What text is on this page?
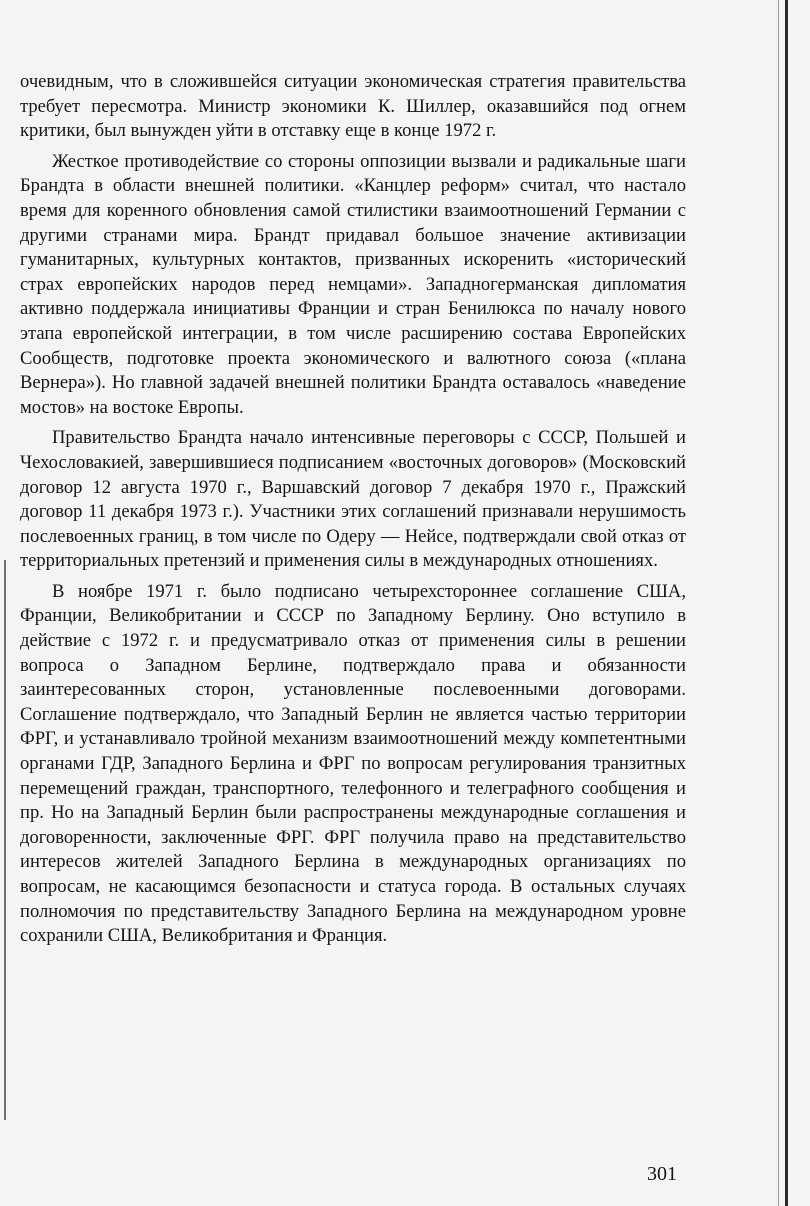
очевидным, что в сложившейся ситуации экономическая стратегия правительства требует пересмотра. Министр экономики К. Шиллер, оказавшийся под огнем критики, был вынужден уйти в отставку еще в конце 1972 г.

Жесткое противодействие со стороны оппозиции вызвали и радикальные шаги Брандта в области внешней политики. «Канцлер реформ» считал, что настало время для коренного обновления самой стилистики взаимоотношений Германии с другими странами мира. Брандт придавал большое значение активизации гуманитарных, культурных контактов, призванных искоренить «исторический страх европейских народов перед немцами». Западногерманская дипломатия активно поддержала инициативы Франции и стран Бенилюкса по началу нового этапа европейской интеграции, в том числе расширению состава Европейских Сообществ, подготовке проекта экономического и валютного союза («плана Вернера»). Но главной задачей внешней политики Брандта оставалось «наведение мостов» на востоке Европы.

Правительство Брандта начало интенсивные переговоры с СССР, Польшей и Чехословакией, завершившиеся подписанием «восточных договоров» (Московский договор 12 августа 1970 г., Варшавский договор 7 декабря 1970 г., Пражский договор 11 декабря 1973 г.). Участники этих соглашений признавали нерушимость послевоенных границ, в том числе по Одеру — Нейсе, подтверждали свой отказ от территориальных претензий и применения силы в международных отношениях.

В ноябре 1971 г. было подписано четырехстороннее соглашение США, Франции, Великобритании и СССР по Западному Берлину. Оно вступило в действие с 1972 г. и предусматривало отказ от применения силы в решении вопроса о Западном Берлине, подтверждало права и обязанности заинтересованных сторон, установленные послевоенными договорами. Соглашение подтверждало, что Западный Берлин не является частью территории ФРГ, и устанавливало тройной механизм взаимоотношений между компетентными органами ГДР, Западного Берлина и ФРГ по вопросам регулирования транзитных перемещений граждан, транспортного, телефонного и телеграфного сообщения и пр. Но на Западный Берлин были распространены международные соглашения и договоренности, заключенные ФРГ. ФРГ получила право на представительство интересов жителей Западного Берлина в международных организациях по вопросам, не касающимся безопасности и статуса города. В остальных случаях полномочия по представительству Западного Берлина на международном уровне сохранили США, Великобритания и Франция.

301
